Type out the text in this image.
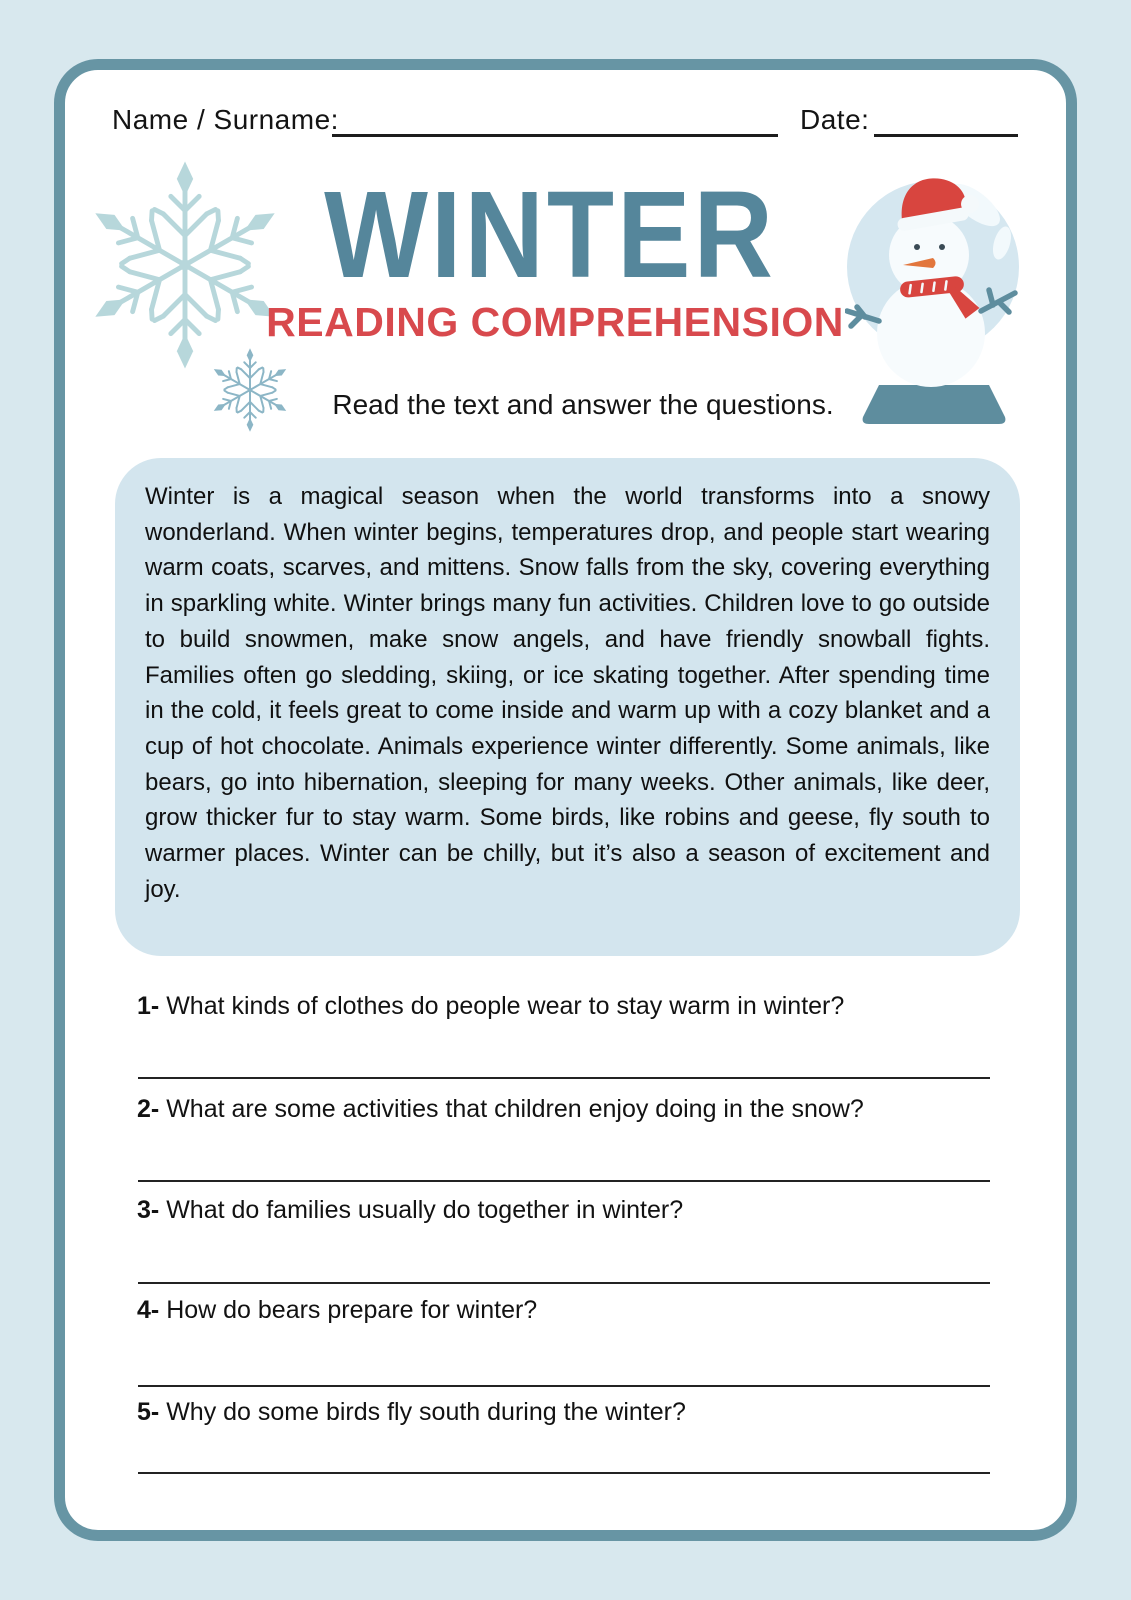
Name / Surname:	Date:
WINTER
READING COMPREHENSION
Read the text and answer the questions.

Winter is a magical season when the world transforms into a snowy wonderland. When winter begins, temperatures drop, and people start wearing warm coats, scarves, and mittens. Snow falls from the sky, covering everything in sparkling white. Winter brings many fun activities. Children love to go outside to build snowmen, make snow angels, and have friendly snowball fights. Families often go sledding, skiing, or ice skating together. After spending time in the cold, it feels great to come inside and warm up with a cozy blanket and a cup of hot chocolate. Animals experience winter differently. Some animals, like bears, go into hibernation, sleeping for many weeks. Other animals, like deer, grow thicker fur to stay warm. Some birds, like robins and geese, fly south to warmer places. Winter can be chilly, but it’s also a season of excitement and joy.

1- What kinds of clothes do people wear to stay warm in winter?
2- What are some activities that children enjoy doing in the snow?
3- What do families usually do together in winter?
4- How do bears prepare for winter?
5- Why do some birds fly south during the winter?
